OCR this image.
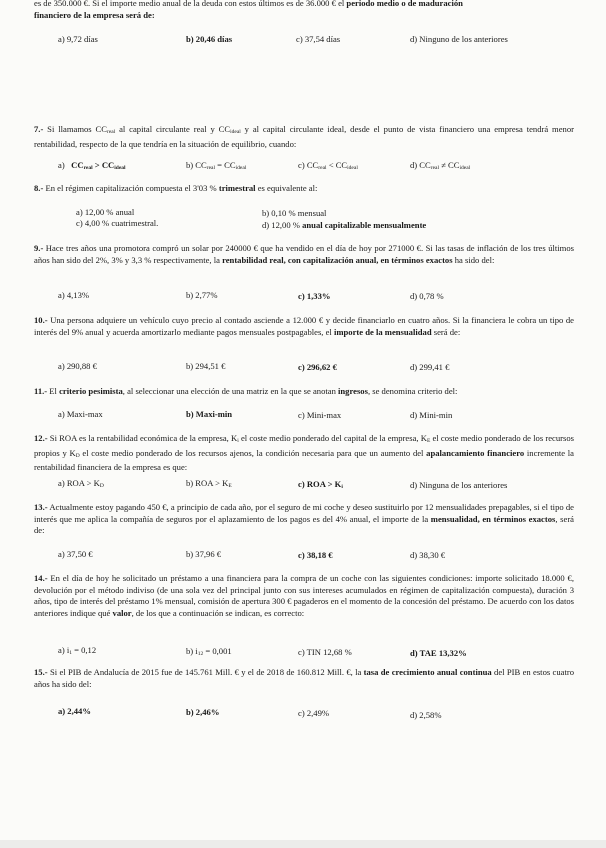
es de 350.000 €. Si el importe medio anual de la deuda con estos últimos es de 36.000 € el periodo medio o de maduración
financiero de la empresa será de:
a) 9,72 días	b) 20,46 días	c) 37,54 días	d) Ninguno de los anteriores
7.- Si llamamos $CC_{real}$ al capital circulante real y $CC_{ideal}$ y al capital circulante ideal, desde el punto de vista financiero una empresa tendrá menor rentabilidad, respecto de la que tendría en la situación de equilibrio, cuando:
a) $CC_{real} > CC_{ideal}$	b) $CC_{real} = CC_{ideal}$	c) $CC_{real} < CC_{ideal}$	d) $CC_{real} \ne CC_{ideal}$
8.- En el régimen capitalización compuesta el 3'03 % trimestral es equivalente al:
a) 12,00 % anual	b) 0,10 % mensual
c) 4,00 % cuatrimestral.	d) 12,00 % anual capitalizable mensualmente
9.- Hace tres años una promotora compró un solar por 240000 € que ha vendido en el día de hoy por 271000 €. Si las tasas de inflación de los tres últimos años han sido del 2%, 3% y 3,3 % respectivamente, la rentabilidad real, con capitalización anual, en términos exactos ha sido del:
a) 4,13%	b) 2,77%	c) 1,33%	d) 0,78 %
10.- Una persona adquiere un vehículo cuyo precio al contado asciende a 12.000 € y decide financiarlo en cuatro años. Si la financiera le cobra un tipo de interés del 9% anual y acuerda amortizarlo mediante pagos mensuales postpagables, el importe de la mensualidad será de:
a) 290,88 €	b) 294,51 €	c) 296,62 €	d) 299,41 €
11.- El criterio pesimista, al seleccionar una elección de una matriz en la que se anotan ingresos, se denomina criterio del:
a) Maxi-max	b) Maxi-min	c) Mini-max	d) Mini-min
12.- Si ROA es la rentabilidad económica de la empresa, $K_i$ el coste medio ponderado del capital de la empresa, $K_E$ el coste medio ponderado de los recursos propios y $K_D$ el coste medio ponderado de los recursos ajenos, la condición necesaria para que un aumento del apalancamiento financiero incremente la rentabilidad financiera de la empresa es que:
a) ROA > $K_D$	b) ROA > $K_E$	c) ROA > $K_i$	d) Ninguna de los anteriores
13.- Actualmente estoy pagando 450 €, a principio de cada año, por el seguro de mi coche y deseo sustituirlo por 12 mensualidades prepagables, si el tipo de interés que me aplica la compañía de seguros por el aplazamiento de los pagos es del 4% anual, el importe de la mensualidad, en términos exactos, será de:
a) 37,50 €	b) 37,96 €	c) 38,18 €	d) 38,30 €
14.- En el día de hoy he solicitado un préstamo a una financiera para la compra de un coche con las siguientes condiciones: importe solicitado 18.000 €, devolución por el método indiviso (de una sola vez del principal junto con sus intereses acumulados en régimen de capitalización compuesta), duración 3 años, tipo de interés del préstamo 1% mensual, comisión de apertura 300 € pagaderos en el momento de la concesión del préstamo. De acuerdo con los datos anteriores indique qué valor, de los que a continuación se indican, es correcto:
a) $i_1 = 0,12$	b) $i_{12} = 0,001$	c) TIN 12,68 %	d) TAE 13,32%
15.- Si el PIB de Andalucía de 2015 fue de 145.761 Mill. € y el de 2018 de 160.812 Mill. €, la tasa de crecimiento anual continua del PIB en estos cuatro años ha sido del:
a) 2,44%	b) 2,46%	c) 2,49%	d) 2,58%
